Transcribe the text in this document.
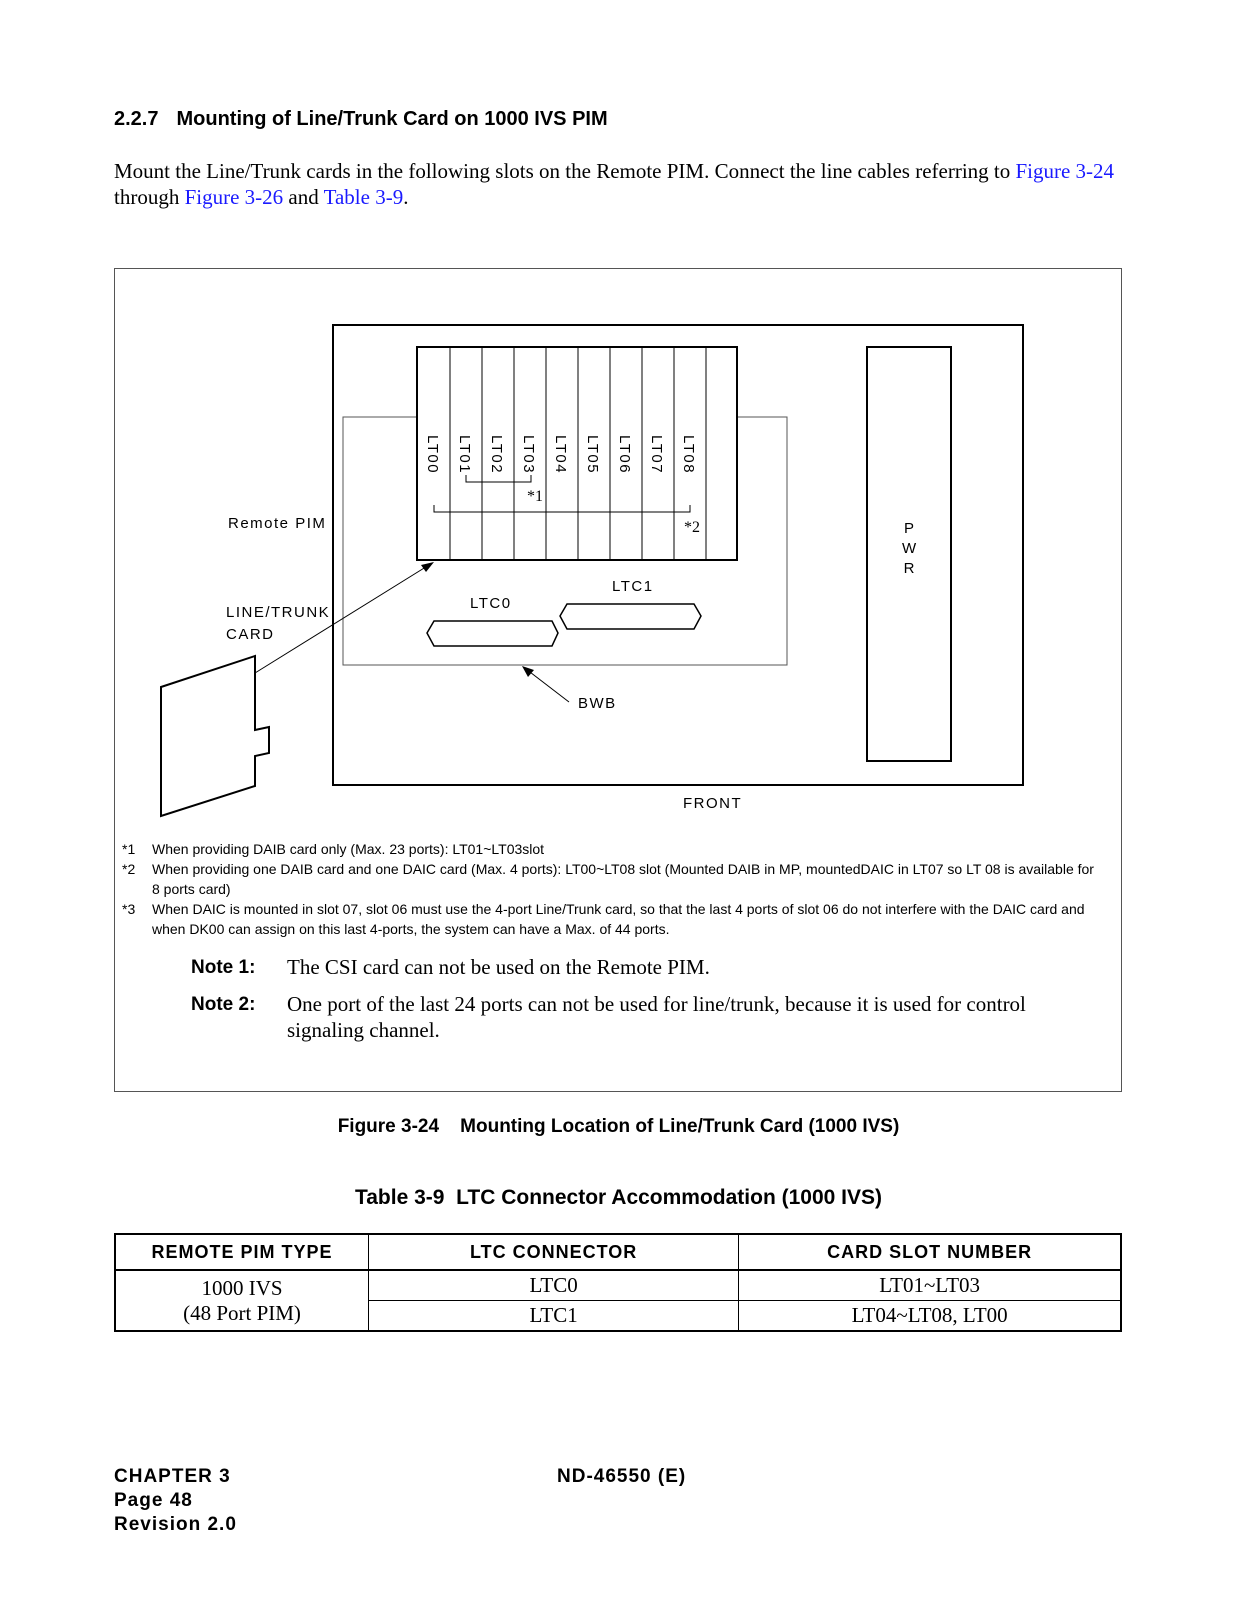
2.2.7 Mounting of Line/Trunk Card on 1000 IVS PIM
Mount the Line/Trunk cards in the following slots on the Remote PIM. Connect the line cables referring to Figure 3-24 through Figure 3-26 and Table 3-9.
LT00 LT01 LT02 LT03 LT04 LT05 LT06 LT07 LT08
*1
*2
Remote PIM
LINE/TRUNK
CARD
LTC0
LTC1
BWB
P
W
R
FRONT
*1 When providing DAIB card only (Max. 23 ports): LT01~LT03slot
*2 When providing one DAIB card and one DAIC card (Max. 4 ports): LT00~LT08 slot (Mounted DAIB in MP, mountedDAIC in LT07 so LT 08 is available for 8 ports card)
*3 When DAIC is mounted in slot 07, slot 06 must use the 4-port Line/Trunk card, so that the last 4 ports of slot 06 do not interfere with the DAIC card and when DK00 can assign on this last 4-ports, the system can have a Max. of 44 ports.
Note 1: The CSI card can not be used on the Remote PIM.
Note 2: One port of the last 24 ports can not be used for line/trunk, because it is used for control signaling channel.
Figure 3-24    Mounting Location of Line/Trunk Card (1000 IVS)
Table 3-9  LTC Connector Accommodation (1000 IVS)
REMOTE PIM TYPE	LTC CONNECTOR	CARD SLOT NUMBER
1000 IVS
(48 Port PIM)	LTC0	LT01~LT03
	LTC1	LT04~LT08, LT00
CHAPTER 3
Page 48
Revision 2.0
ND-46550 (E)
